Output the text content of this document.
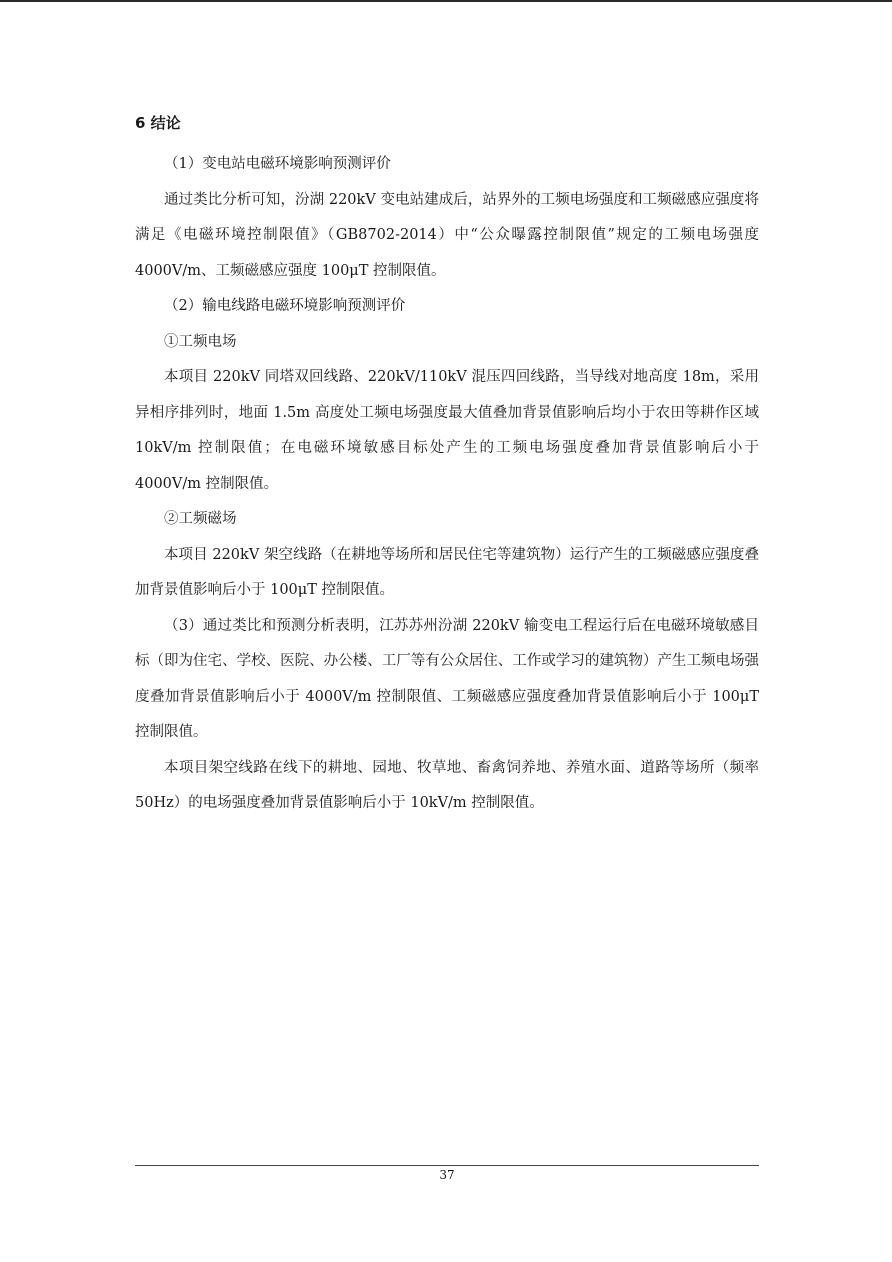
6 结论

（1）变电站电磁环境影响预测评价

通过类比分析可知，汾湖 220kV 变电站建成后，站界外的工频电场强度和工频磁感应强度将满足《电磁环境控制限值》（GB8702-2014）中“公众曝露控制限值”规定的工频电场强度 4000V/m、工频磁感应强度 100μT 控制限值。

（2）输电线路电磁环境影响预测评价

①工频电场

本项目 220kV 同塔双回线路、220kV/110kV 混压四回线路，当导线对地高度 18m，采用异相序排列时，地面 1.5m 高度处工频电场强度最大值叠加背景值影响后均小于农田等耕作区域 10kV/m 控制限值；在电磁环境敏感目标处产生的工频电场强度叠加背景值影响后小于 4000V/m 控制限值。

②工频磁场

本项目 220kV 架空线路（在耕地等场所和居民住宅等建筑物）运行产生的工频磁感应强度叠加背景值影响后小于 100μT 控制限值。

（3）通过类比和预测分析表明，江苏苏州汾湖 220kV 输变电工程运行后在电磁环境敏感目标（即为住宅、学校、医院、办公楼、工厂等有公众居住、工作或学习的建筑物）产生工频电场强度叠加背景值影响后小于 4000V/m 控制限值、工频磁感应强度叠加背景值影响后小于 100μT 控制限值。

本项目架空线路在线下的耕地、园地、牧草地、畜禽饲养地、养殖水面、道路等场所（频率 50Hz）的电场强度叠加背景值影响后小于 10kV/m 控制限值。

37
